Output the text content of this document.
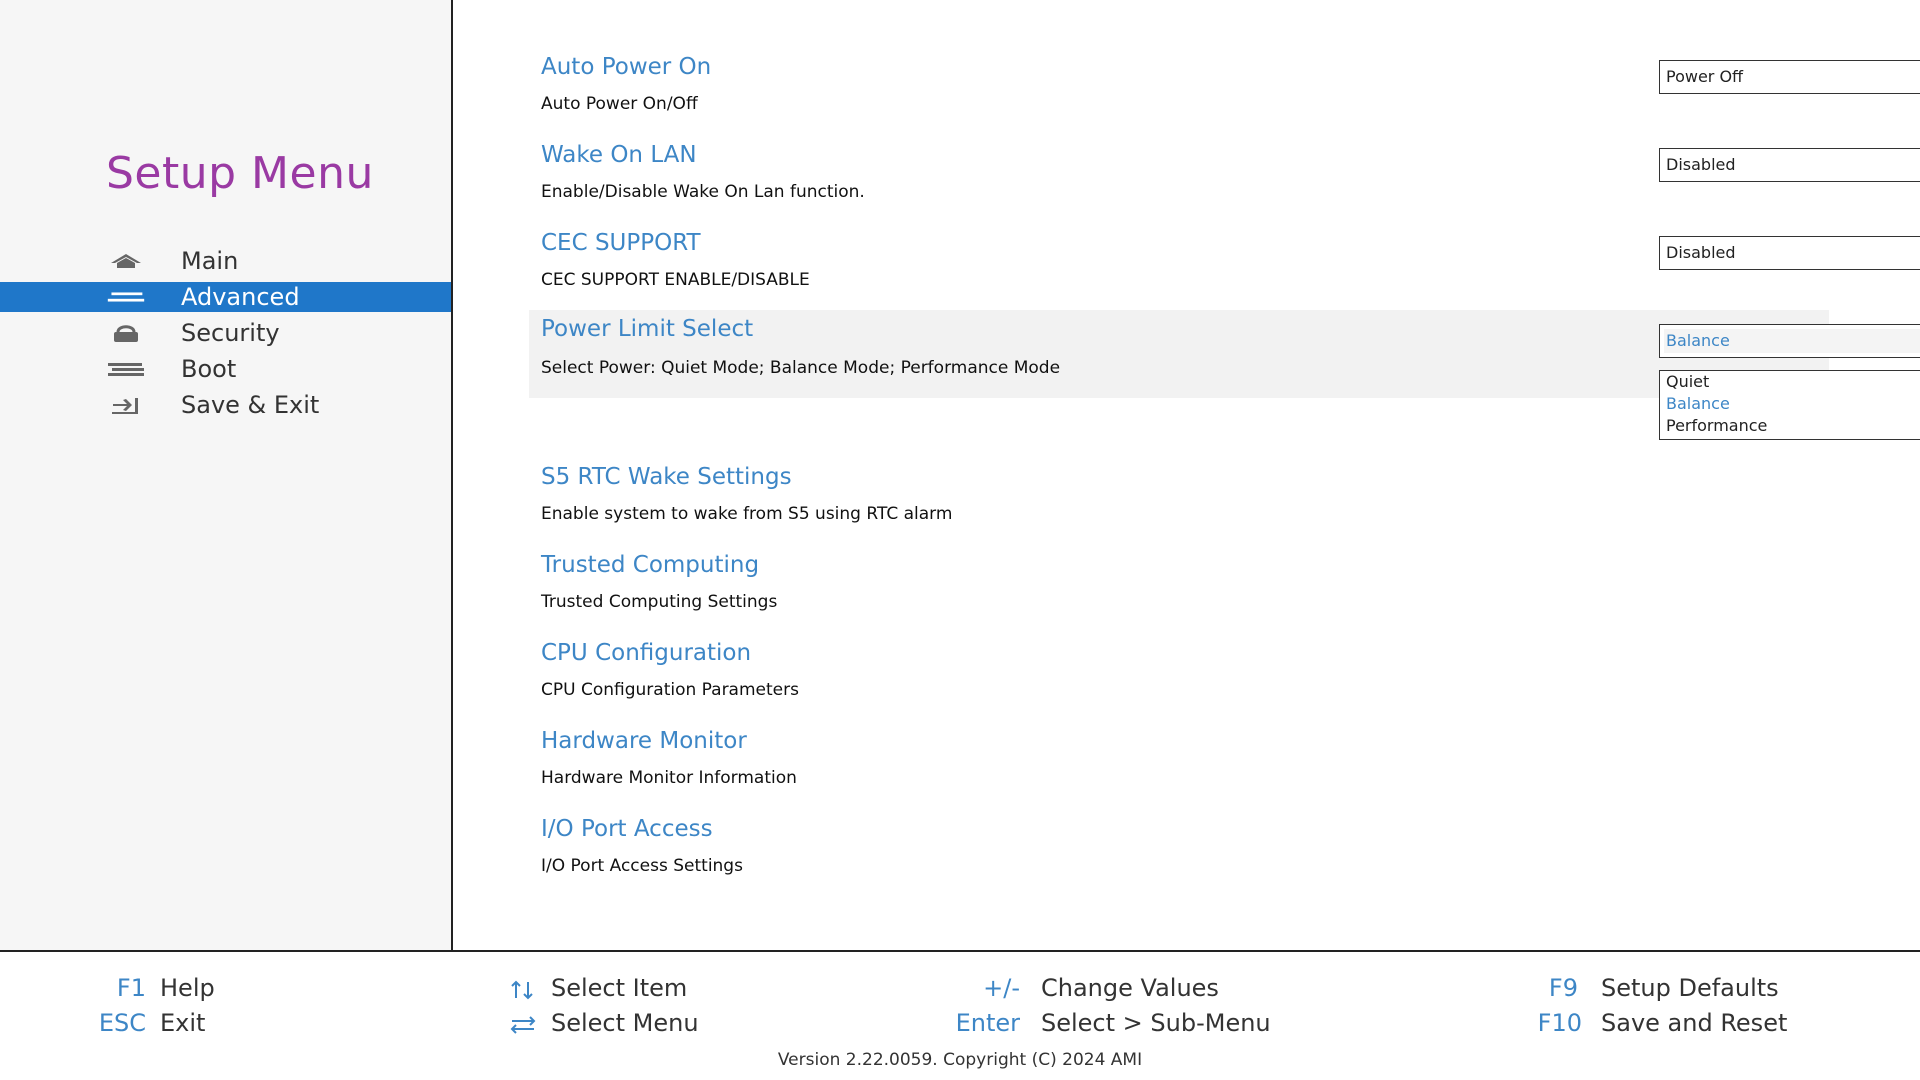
Setup Menu
Main
Advanced
Security
Boot
Save & Exit
Auto Power On
Auto Power On/Off
Power Off
Wake On LAN
Enable/Disable Wake On Lan function.
Disabled
CEC SUPPORT
CEC SUPPORT ENABLE/DISABLE
Disabled
Power Limit Select
Select Power: Quiet Mode; Balance Mode; Performance Mode
Balance
Quiet
Balance
Performance
S5 RTC Wake Settings
Enable system to wake from S5 using RTC alarm
Trusted Computing
Trusted Computing Settings
CPU Configuration
CPU Configuration Parameters
Hardware Monitor
Hardware Monitor Information
I/O Port Access
I/O Port Access Settings
F1 Help
ESC Exit
Select Item
Select Menu
+/- Change Values
Enter Select > Sub-Menu
F9 Setup Defaults
F10 Save and Reset
Version 2.22.0059. Copyright (C) 2024 AMI
